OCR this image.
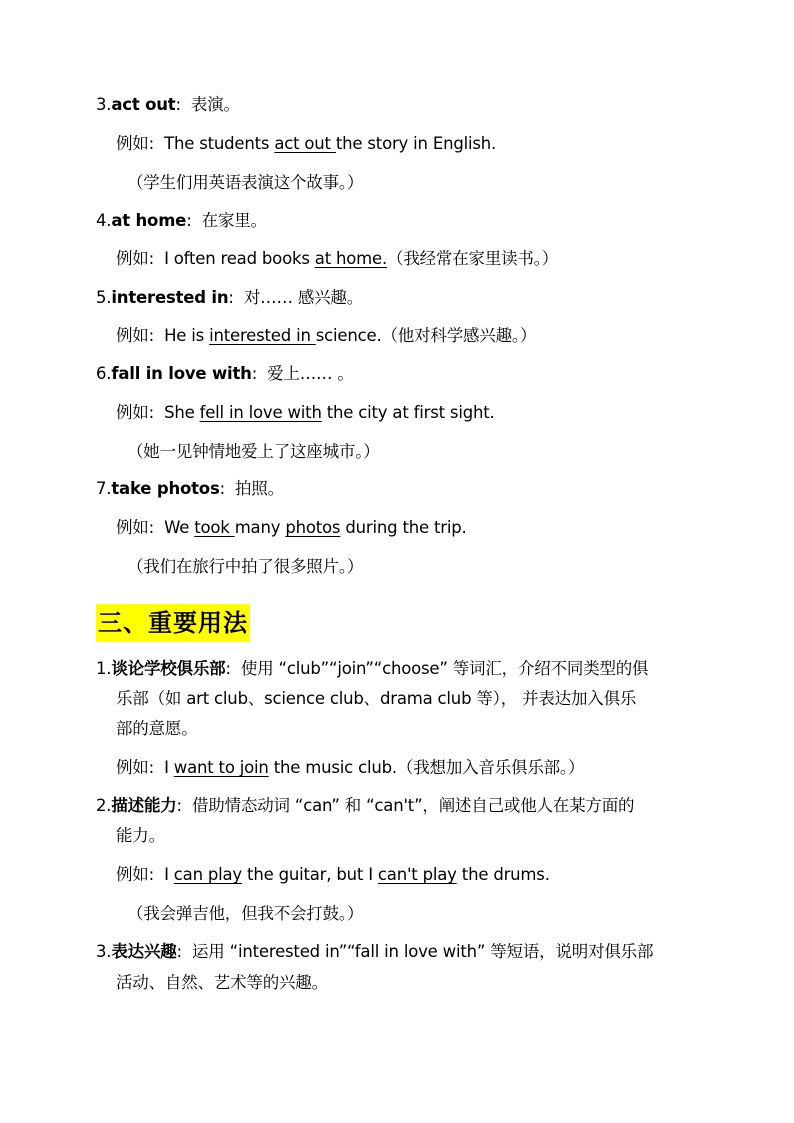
3.act out: 表演。
例如: The students act out the story in English.
（学生们用英语表演这个故事。）
4.at home: 在家里。
例如: I often read books at home.（我经常在家里读书。）
5.interested in: 对…… 感兴趣。
例如: He is interested in science.（他对科学感兴趣。）
6.fall in love with: 爱上…… 。
例如: She fell in love with the city at first sight.
（她一见钟情地爱上了这座城市。）
7.take photos: 拍照。
例如: We took many photos during the trip.
（我们在旅行中拍了很多照片。）
三、重要用法
1.谈论学校俱乐部: 使用 “club”“join”“choose” 等词汇，介绍不同类型的俱
乐部（如 art club、science club、drama club 等）， 并表达加入俱乐
部的意愿。
例如: I want to join the music club.（我想加入音乐俱乐部。）
2.描述能力: 借助情态动词 “can” 和 “can't”，阐述自己或他人在某方面的
能力。
例如: I can play the guitar, but I can't play the drums.
（我会弹吉他，但我不会打鼓。）
3.表达兴趣: 运用 “interested in”“fall in love with” 等短语，说明对俱乐部
活动、自然、艺术等的兴趣。
